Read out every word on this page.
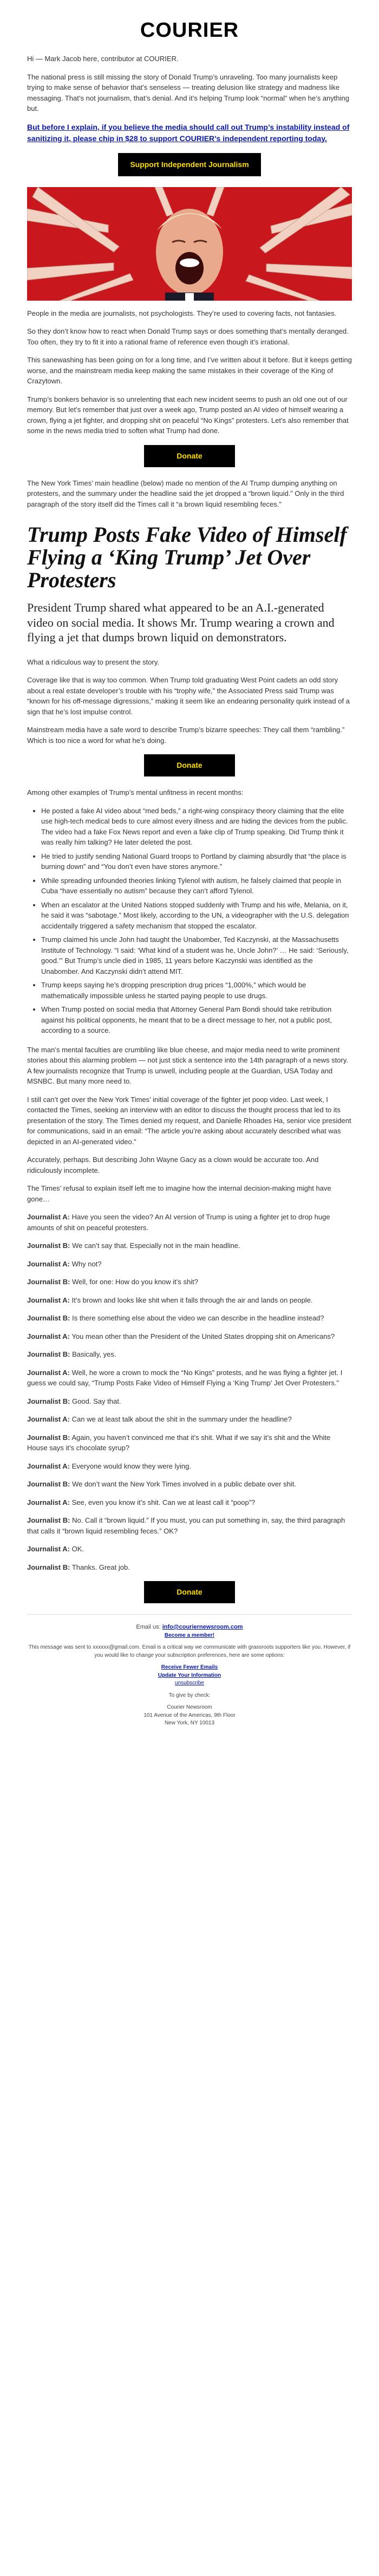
COURIER

Hi — Mark Jacob here, contributor at COURIER.

The national press is still missing the story of Donald Trump’s unraveling. Too many journalists keep trying to make sense of behavior that’s senseless — treating delusion like strategy and madness like messaging. That’s not journalism, that’s denial. And it’s helping Trump look “normal” when he’s anything but.

But before I explain, if you believe the media should call out Trump’s instability instead of sanitizing it, please chip in $28 to support COURIER’s independent reporting today.

Support Independent Journalism

People in the media are journalists, not psychologists. They’re used to covering facts, not fantasies.

So they don’t know how to react when Donald Trump says or does something that’s mentally deranged. Too often, they try to fit it into a rational frame of reference even though it’s irrational.

This sanewashing has been going on for a long time, and I’ve written about it before. But it keeps getting worse, and the mainstream media keep making the same mistakes in their coverage of the King of Crazytown.

Trump’s bonkers behavior is so unrelenting that each new incident seems to push an old one out of our memory. But let’s remember that just over a week ago, Trump posted an AI video of himself wearing a crown, flying a jet fighter, and dropping shit on peaceful “No Kings” protesters. Let’s also remember that some in the news media tried to soften what Trump had done.

Donate

The New York Times’ main headline (below) made no mention of the AI Trump dumping anything on protesters, and the summary under the headline said the jet dropped a “brown liquid.” Only in the third paragraph of the story itself did the Times call it “a brown liquid resembling feces.”

Trump Posts Fake Video of Himself Flying a ‘King Trump’ Jet Over Protesters
President Trump shared what appeared to be an A.I.-generated video on social media. It shows Mr. Trump wearing a crown and flying a jet that dumps brown liquid on demonstrators.

What a ridiculous way to present the story.

Coverage like that is way too common. When Trump told graduating West Point cadets an odd story about a real estate developer’s trouble with his “trophy wife,” the Associated Press said Trump was “known for his off-message digressions,” making it seem like an endearing personality quirk instead of a sign that he’s lost impulse control.

Mainstream media have a safe word to describe Trump’s bizarre speeches: They call them “rambling.” Which is too nice a word for what he’s doing.

Donate

Among other examples of Trump’s mental unfitness in recent months:

• He posted a fake AI video about “med beds,” a right-wing conspiracy theory claiming that the elite use high-tech medical beds to cure almost every illness and are hiding the devices from the public. The video had a fake Fox News report and even a fake clip of Trump speaking. Did Trump think it was really him talking? He later deleted the post.
• He tried to justify sending National Guard troops to Portland by claiming absurdly that “the place is burning down” and “You don’t even have stores anymore.”
• While spreading unfounded theories linking Tylenol with autism, he falsely claimed that people in Cuba “have essentially no autism” because they can’t afford Tylenol.
• When an escalator at the United Nations stopped suddenly with Trump and his wife, Melania, on it, he said it was “sabotage.” Most likely, according to the UN, a videographer with the U.S. delegation accidentally triggered a safety mechanism that stopped the escalator.
• Trump claimed his uncle John had taught the Unabomber, Ted Kaczynski, at the Massachusetts Institute of Technology. “I said: ‘What kind of a student was he, Uncle John?’ … He said: ‘Seriously, good.’” But Trump’s uncle died in 1985, 11 years before Kaczynski was identified as the Unabomber. And Kaczynski didn’t attend MIT.
• Trump keeps saying he’s dropping prescription drug prices “1,000%,” which would be mathematically impossible unless he started paying people to use drugs.
• When Trump posted on social media that Attorney General Pam Bondi should take retribution against his political opponents, he meant that to be a direct message to her, not a public post, according to a source.

The man’s mental faculties are crumbling like blue cheese, and major media need to write prominent stories about this alarming problem — not just stick a sentence into the 14th paragraph of a news story. A few journalists recognize that Trump is unwell, including people at the Guardian, USA Today and MSNBC. But many more need to.

I still can’t get over the New York Times’ initial coverage of the fighter jet poop video. Last week, I contacted the Times, seeking an interview with an editor to discuss the thought process that led to its presentation of the story. The Times denied my request, and Danielle Rhoades Ha, senior vice president for communications, said in an email: “The article you’re asking about accurately described what was depicted in an AI-generated video.”

Accurately, perhaps. But describing John Wayne Gacy as a clown would be accurate too. And ridiculously incomplete.

The Times’ refusal to explain itself left me to imagine how the internal decision-making might have gone…

Journalist A: Have you seen the video? An AI version of Trump is using a fighter jet to drop huge amounts of shit on peaceful protesters.

Journalist B: We can’t say that. Especially not in the main headline.

Journalist A: Why not?

Journalist B: Well, for one: How do you know it’s shit?

Journalist A: It’s brown and looks like shit when it falls through the air and lands on people.

Journalist B: Is there something else about the video we can describe in the headline instead?

Journalist A: You mean other than the President of the United States dropping shit on Americans?

Journalist B: Basically, yes.

Journalist A: Well, he wore a crown to mock the “No Kings” protests, and he was flying a fighter jet. I guess we could say, “Trump Posts Fake Video of Himself Flying a ‘King Trump’ Jet Over Protesters.”

Journalist B: Good. Say that.

Journalist A: Can we at least talk about the shit in the summary under the headline?

Journalist B: Again, you haven’t convinced me that it’s shit. What if we say it’s shit and the White House says it’s chocolate syrup?

Journalist A: Everyone would know they were lying.

Journalist B: We don’t want the New York Times involved in a public debate over shit.

Journalist A: See, even you know it’s shit. Can we at least call it “poop”?

Journalist B: No. Call it “brown liquid.” If you must, you can put something in, say, the third paragraph that calls it “brown liquid resembling feces.” OK?

Journalist A: OK.

Journalist B: Thanks. Great job.

Donate
Email us: info@couriernewsroom.com
Become a member!
This message was sent to xxxxxx@gmail.com. Email is a critical way we communicate with grassroots supporters like you. However, if you would like to change your subscription preferences, here are some options:
Receive Fewer Emails
Update Your Information
unsubscribe
To give by check:
Courier Newsroom
101 Avenue of the Americas, 9th Floor
New York, NY 10013
